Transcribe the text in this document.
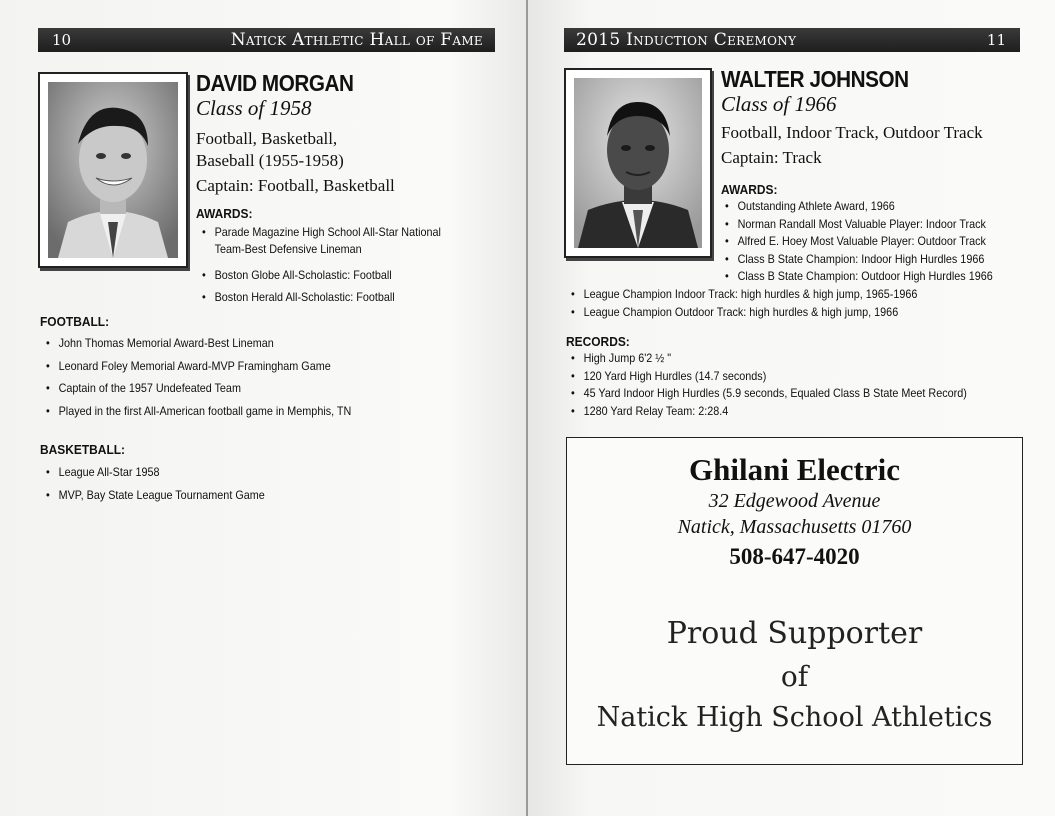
10	Natick Athletic Hall of Fame
DAVID MORGAN
Class of 1958
Football, Basketball,
Baseball (1955-1958)
Captain: Football, Basketball
AWARDS:
• Parade Magazine High School All-Star National Team-Best Defensive Lineman
• Boston Globe All-Scholastic: Football
• Boston Herald All-Scholastic: Football
FOOTBALL:
• John Thomas Memorial Award-Best Lineman
• Leonard Foley Memorial Award-MVP Framingham Game
• Captain of the 1957 Undefeated Team
• Played in the first All-American football game in Memphis, TN
BASKETBALL:
• League All-Star 1958
• MVP, Bay State League Tournament Game
2015 Induction Ceremony	11
WALTER JOHNSON
Class of 1966
Football, Indoor Track, Outdoor Track
Captain: Track
AWARDS:
• Outstanding Athlete Award, 1966
• Norman Randall Most Valuable Player: Indoor Track
• Alfred E. Hoey Most Valuable Player: Outdoor Track
• Class B State Champion: Indoor High Hurdles 1966
• Class B State Champion: Outdoor High Hurdles 1966
• League Champion Indoor Track: high hurdles & high jump, 1965-1966
• League Champion Outdoor Track: high hurdles & high jump, 1966
RECORDS:
• High Jump 6'2 ½ "
• 120 Yard High Hurdles (14.7 seconds)
• 45 Yard Indoor High Hurdles (5.9 seconds, Equaled Class B State Meet Record)
• 1280 Yard Relay Team: 2:28.4
Ghilani Electric
32 Edgewood Avenue
Natick, Massachusetts 01760
508-647-4020
Proud Supporter
of
Natick High School Athletics
